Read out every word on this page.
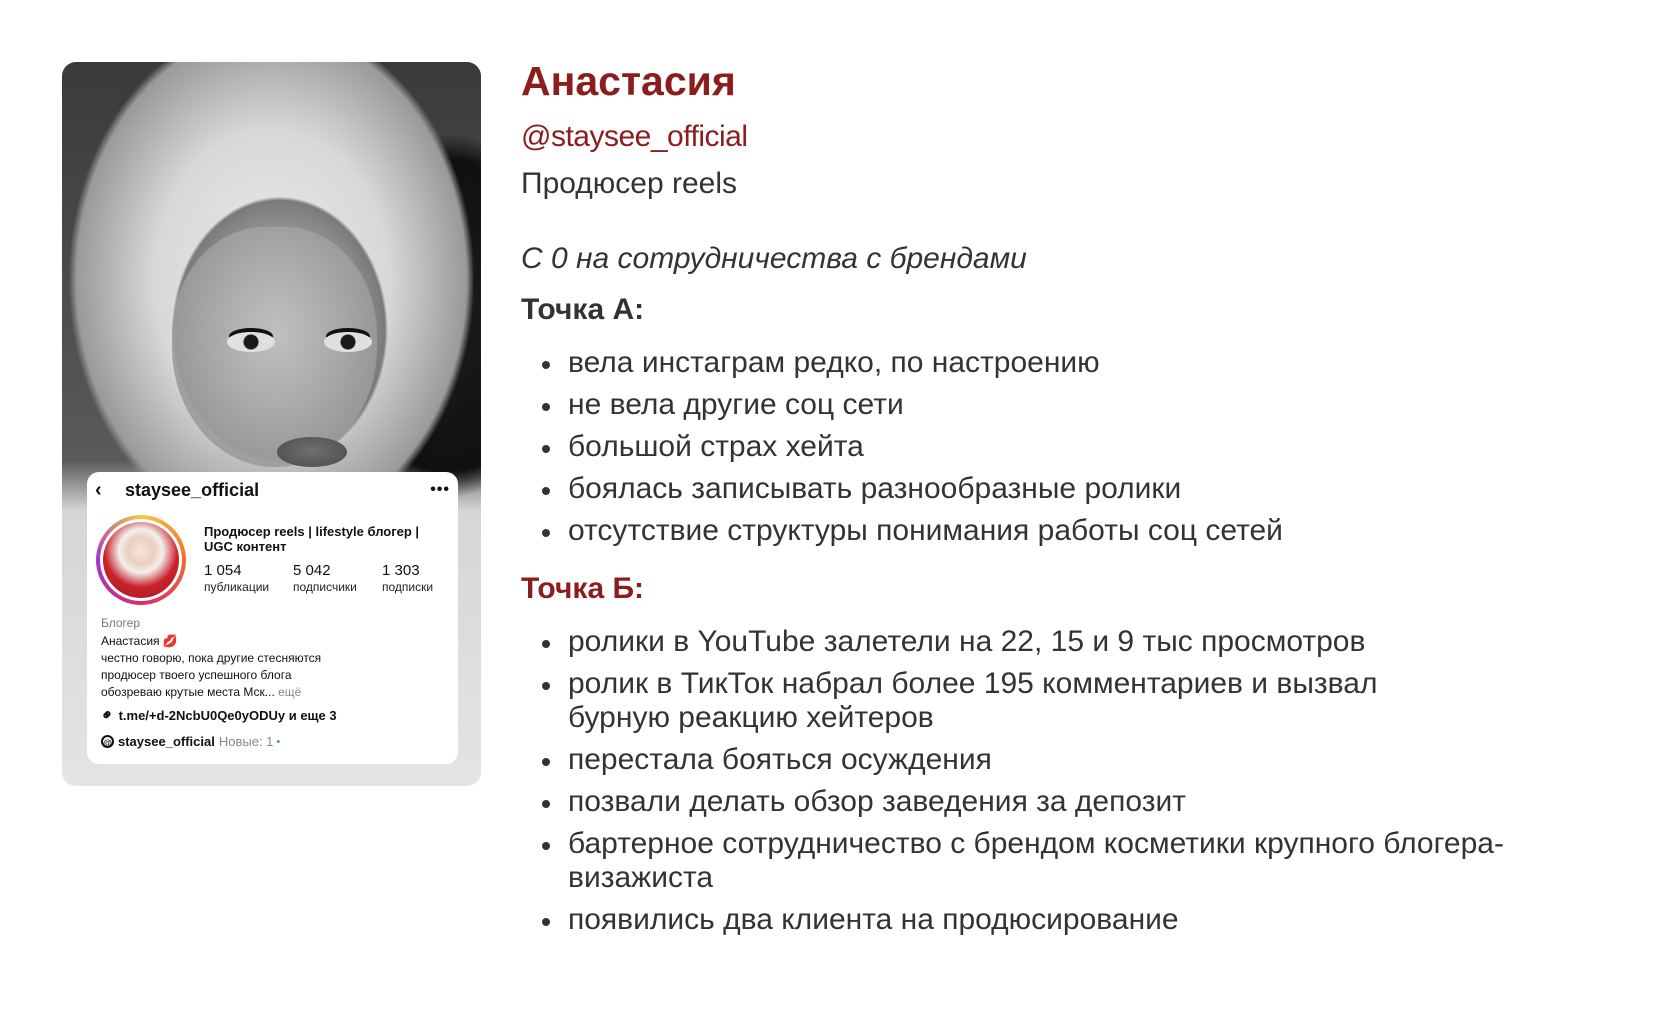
‹	staysee_official	•••
Продюсер reels | lifestyle блогер | UGC контент
1 054
публикации
5 042
подписчики
1 303
подписки
Блогер
Анастасия 💋
честно говорю, пока другие стесняются
продюсер твоего успешного блога
обозреваю крутые места Мск... ещё
⚭ t.me/+d-2NcbU0Qe0yODUy и еще 3
@ staysee_official Новые: 1 •
Анастасия
@staysee_official
Продюсер reels
С 0 на сотрудничества с брендами
Точка А:
вела инстаграм редко, по настроению
не вела другие соц сети
большой страх хейта
боялась записывать разнообразные ролики
отсутствие структуры понимания работы соц сетей
Точка Б:
ролики в YouTube залетели на 22, 15 и 9 тыс просмотров
ролик в ТикТок набрал более 195 комментариев и вызвал бурную реакцию хейтеров
перестала бояться осуждения
позвали делать обзор заведения за депозит
бартерное сотрудничество с брендом косметики крупного блогера-визажиста
появились два клиента на продюсирование
